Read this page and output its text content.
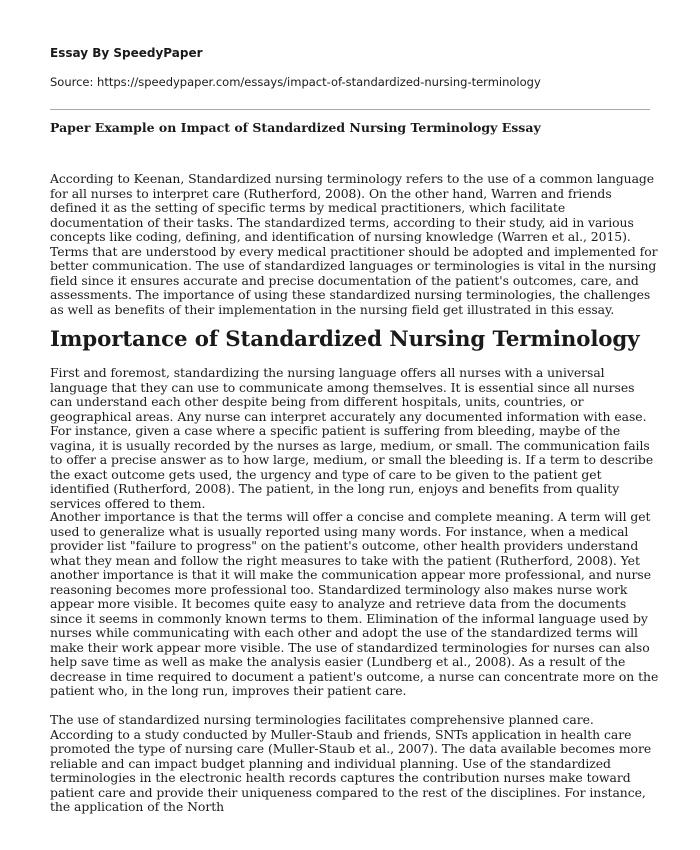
Essay By SpeedyPaper
Source: https://speedypaper.com/essays/impact-of-standardized-nursing-terminology
Paper Example on Impact of Standardized Nursing Terminology Essay

According to Keenan, Standardized nursing terminology refers to the use of a common language for all nurses to interpret care (Rutherford, 2008). On the other hand, Warren and friends defined it as the setting of specific terms by medical practitioners, which facilitate documentation of their tasks. The standardized terms, according to their study, aid in various concepts like coding, defining, and identification of nursing knowledge (Warren et al., 2015). Terms that are understood by every medical practitioner should be adopted and implemented for better communication. The use of standardized languages or terminologies is vital in the nursing field since it ensures accurate and precise documentation of the patient's outcomes, care, and assessments. The importance of using these standardized nursing terminologies, the challenges as well as benefits of their implementation in the nursing field get illustrated in this essay.

Importance of Standardized Nursing Terminology

First and foremost, standardizing the nursing language offers all nurses with a universal language that they can use to communicate among themselves. It is essential since all nurses can understand each other despite being from different hospitals, units, countries, or geographical areas. Any nurse can interpret accurately any documented information with ease. For instance, given a case where a specific patient is suffering from bleeding, maybe of the vagina, it is usually recorded by the nurses as large, medium, or small. The communication fails to offer a precise answer as to how large, medium, or small the bleeding is. If a term to describe the exact outcome gets used, the urgency and type of care to be given to the patient get identified (Rutherford, 2008). The patient, in the long run, enjoys and benefits from quality services offered to them.

Another importance is that the terms will offer a concise and complete meaning. A term will get used to generalize what is usually reported using many words. For instance, when a medical provider list "failure to progress" on the patient's outcome, other health providers understand what they mean and follow the right measures to take with the patient (Rutherford, 2008). Yet another importance is that it will make the communication appear more professional, and nurse reasoning becomes more professional too. Standardized terminology also makes nurse work appear more visible. It becomes quite easy to analyze and retrieve data from the documents since it seems in commonly known terms to them. Elimination of the informal language used by nurses while communicating with each other and adopt the use of the standardized terms will make their work appear more visible. The use of standardized terminologies for nurses can also help save time as well as make the analysis easier (Lundberg et al., 2008). As a result of the decrease in time required to document a patient's outcome, a nurse can concentrate more on the patient who, in the long run, improves their patient care.

The use of standardized nursing terminologies facilitates comprehensive planned care. According to a study conducted by Muller-Staub and friends, SNTs application in health care promoted the type of nursing care (Muller-Staub et al., 2007). The data available becomes more reliable and can impact budget planning and individual planning. Use of the standardized terminologies in the electronic health records captures the contribution nurses make toward patient care and provide their uniqueness compared to the rest of the disciplines. For instance, the application of the North
